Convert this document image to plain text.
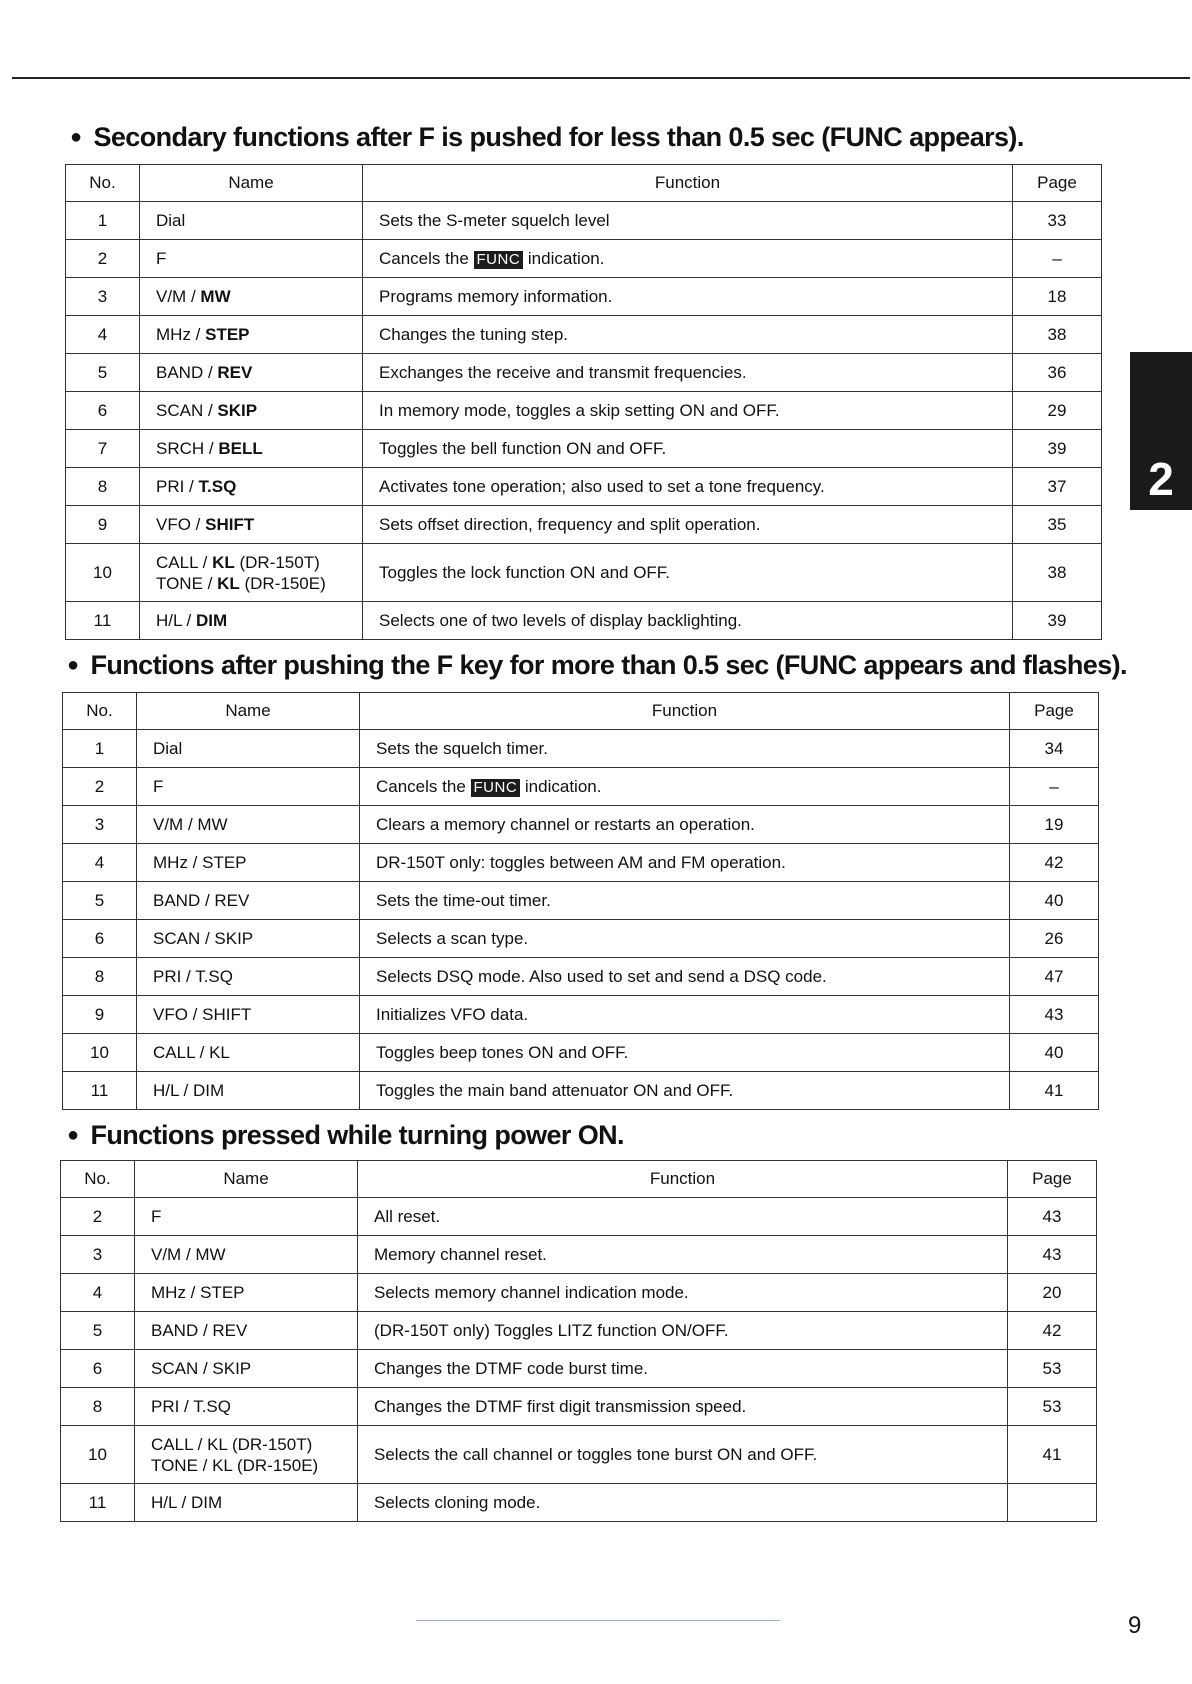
● Secondary functions after F is pushed for less than 0.5 sec (FUNC appears).
No.	Name	Function	Page
1	Dial	Sets the S-meter squelch level	33
2	F	Cancels the FUNC indication.	–
3	V/M / MW	Programs memory information.	18
4	MHz / STEP	Changes the tuning step.	38
5	BAND / REV	Exchanges the receive and transmit frequencies.	36
6	SCAN / SKIP	In memory mode, toggles a skip setting ON and OFF.	29
7	SRCH / BELL	Toggles the bell function ON and OFF.	39
8	PRI / T.SQ	Activates tone operation; also used to set a tone frequency.	37
9	VFO / SHIFT	Sets offset direction, frequency and split operation.	35
10	CALL / KL (DR-150T)
TONE / KL (DR-150E)	Toggles the lock function ON and OFF.	38
11	H/L / DIM	Selects one of two levels of display backlighting.	39
● Functions after pushing the F key for more than 0.5 sec (FUNC appears and flashes).
No.	Name	Function	Page
1	Dial	Sets the squelch timer.	34
2	F	Cancels the FUNC indication.	–
3	V/M / MW	Clears a memory channel or restarts an operation.	19
4	MHz / STEP	DR-150T only: toggles between AM and FM operation.	42
5	BAND / REV	Sets the time-out timer.	40
6	SCAN / SKIP	Selects a scan type.	26
8	PRI / T.SQ	Selects DSQ mode. Also used to set and send a DSQ code.	47
9	VFO / SHIFT	Initializes VFO data.	43
10	CALL / KL	Toggles beep tones ON and OFF.	40
11	H/L / DIM	Toggles the main band attenuator ON and OFF.	41
● Functions pressed while turning power ON.
No.	Name	Function	Page
2	F	All reset.	43
3	V/M / MW	Memory channel reset.	43
4	MHz / STEP	Selects memory channel indication mode.	20
5	BAND / REV	(DR-150T only) Toggles LITZ function ON/OFF.	42
6	SCAN / SKIP	Changes the DTMF code burst time.	53
8	PRI / T.SQ	Changes the DTMF first digit transmission speed.	53
10	CALL / KL (DR-150T)
TONE / KL (DR-150E)	Selects the call channel or toggles tone burst ON and OFF.	41
11	H/L / DIM	Selects cloning mode.	
2
9
